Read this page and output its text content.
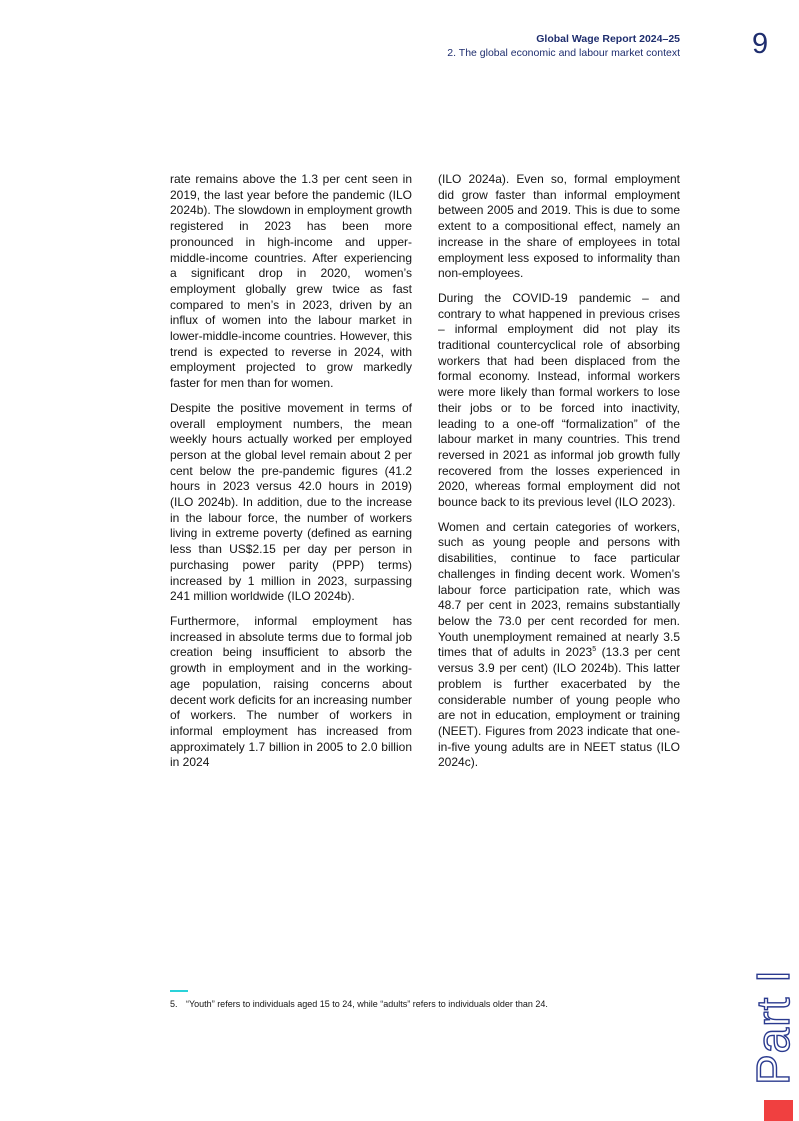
Global Wage Report 2024–25
2. The global economic and labour market context 9

rate remains above the 1.3 per cent seen in 2019, the last year before the pandemic (ILO 2024b). The slowdown in employment growth registered in 2023 has been more pronounced in high-income and upper-middle-income countries. After experiencing a significant drop in 2020, women’s employment globally grew twice as fast compared to men’s in 2023, driven by an influx of women into the labour market in lower-middle-income countries. However, this trend is expected to reverse in 2024, with employment projected to grow markedly faster for men than for women.

Despite the positive movement in terms of overall employment numbers, the mean weekly hours actually worked per employed person at the global level remain about 2 per cent below the pre-pandemic figures (41.2 hours in 2023 versus 42.0 hours in 2019) (ILO 2024b). In addition, due to the increase in the labour force, the number of workers living in extreme poverty (defined as earning less than US$2.15 per day per person in purchasing power parity (PPP) terms) increased by 1 million in 2023, surpassing 241 million worldwide (ILO 2024b).

Furthermore, informal employment has increased in absolute terms due to formal job creation being insufficient to absorb the growth in employment and in the working-age population, raising concerns about decent work deficits for an increasing number of workers. The number of workers in informal employment has increased from approximately 1.7 billion in 2005 to 2.0 billion in 2024

(ILO 2024a). Even so, formal employment did grow faster than informal employment between 2005 and 2019. This is due to some extent to a compositional effect, namely an increase in the share of employees in total employment less exposed to informality than non-employees.

During the COVID-19 pandemic – and contrary to what happened in previous crises – informal employment did not play its traditional countercyclical role of absorbing workers that had been displaced from the formal economy. Instead, informal workers were more likely than formal workers to lose their jobs or to be forced into inactivity, leading to a one-off “formalization” of the labour market in many countries. This trend reversed in 2021 as informal job growth fully recovered from the losses experienced in 2020, whereas formal employment did not bounce back to its previous level (ILO 2023).

Women and certain categories of workers, such as young people and persons with disabilities, continue to face particular challenges in finding decent work. Women’s labour force participation rate, which was 48.7 per cent in 2023, remains substantially below the 73.0 per cent recorded for men. Youth unemployment remained at nearly 3.5 times that of adults in 2023$^5$ (13.3 per cent versus 3.9 per cent) (ILO 2024b). This latter problem is further exacerbated by the considerable number of young people who are not in education, employment or training (NEET). Figures from 2023 indicate that one-in-five young adults are in NEET status (ILO 2024c).

5. “Youth” refers to individuals aged 15 to 24, while “adults” refers to individuals older than 24.	Part I
